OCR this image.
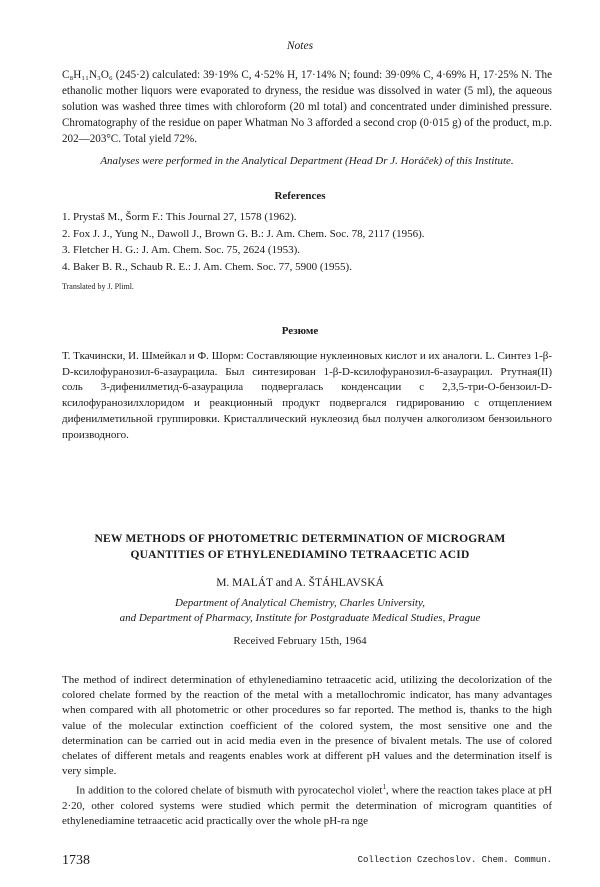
Notes
C₈H₁₁N₃O₆ (245·2) calculated: 39·19% C, 4·52% H, 17·14% N; found: 39·09% C, 4·69% H, 17·25% N. The ethanolic mother liquors were evaporated to dryness, the residue was dissolved in water (5 ml), the aqueous solution was washed three times with chloroform (20 ml total) and concentrated under diminished pressure. Chromatography of the residue on paper Whatman No 3 afforded a second crop (0·015 g) of the product, m.p. 202—203°C. Total yield 72%.
Analyses were performed in the Analytical Department (Head Dr J. Horáček) of this Institute.
References
1. Prystaš M., Šorm F.: This Journal 27, 1578 (1962).
2. Fox J. J., Yung N., Dawoll J., Brown G. B.: J. Am. Chem. Soc. 78, 2117 (1956).
3. Fletcher H. G.: J. Am. Chem. Soc. 75, 2624 (1953).
4. Baker B. R., Schaub R. E.: J. Am. Chem. Soc. 77, 5900 (1955).
Translated by J. Pliml.
Резюме
Т. Ткачински, И. Шмейкал и Ф. Шорм: Составляющие нуклеиновых кислот и их аналоги. L. Синтез 1-β-D-ксилофуранозил-6-азаурацила. Был синтезирован 1-β-D-ксилофуранозил-6-азаурацил. Ртутная(II) соль 3-дифенилметид-6-азаурацила подвергалась конденсации с 2,3,5-три-О-бензоил-D-ксилофуранозилхлоридом и реакционный продукт подвергался гидрированию с отщеплением дифенилметильной группировки. Кристаллический нуклеозид был получен алкоголизом бензоильного производного.
NEW METHODS OF PHOTOMETRIC DETERMINATION OF MICROGRAM
QUANTITIES OF ETHYLENEDIAMINO TETRAACETIC ACID
M. MALÁT and A. ŠTÁHLAVSKÁ
Department of Analytical Chemistry, Charles University,
and Department of Pharmacy, Institute for Postgraduate Medical Studies, Prague
Received February 15th, 1964
The method of indirect determination of ethylenediamino tetraacetic acid, utilizing the decolorization of the colored chelate formed by the reaction of the metal with a metallochromic indicator, has many advantages when compared with all photometric or other procedures so far reported. The method is, thanks to the high value of the molecular extinction coefficient of the colored system, the most sensitive one and the determination can be carried out in acid media even in the presence of bivalent metals. The use of colored chelates of different metals and reagents enables work at different pH values and the determination itself is very simple.
In addition to the colored chelate of bismuth with pyrocatechol violet$^1$, where the reaction takes place at pH 2·20, other colored systems were studied which permit the determination of microgram quantities of ethylenediamine tetraacetic acid practically over the whole pH-ra nge
1738	Collection Czechoslov. Chem. Commun.
